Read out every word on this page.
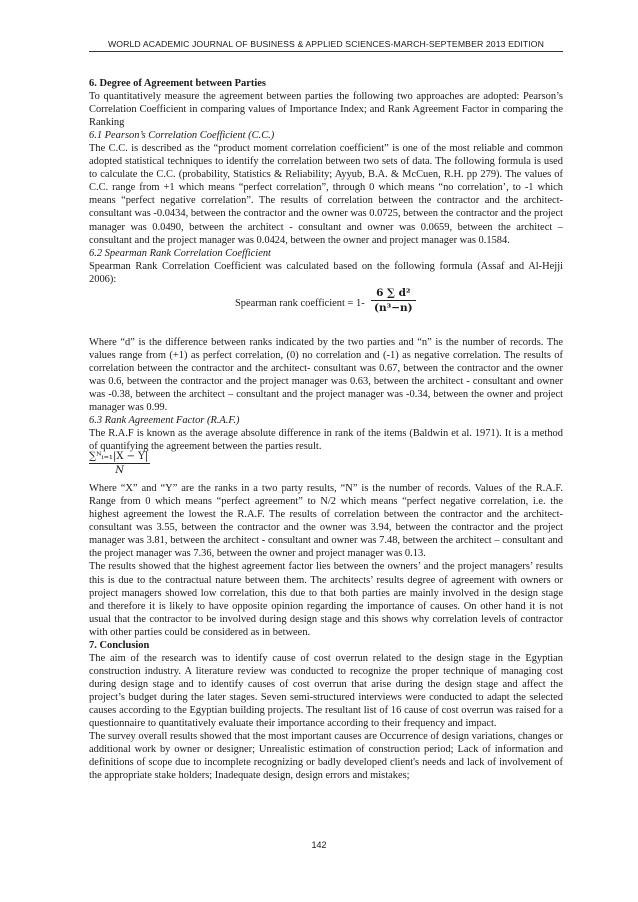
WORLD ACADEMIC JOURNAL OF BUSINESS & APPLIED SCIENCES-MARCH-SEPTEMBER 2013 EDITION

6. Degree of Agreement between Parties

To quantitatively measure the agreement between parties the following two approaches are adopted: Pearson’s Correlation Coefficient in comparing values of Importance Index; and Rank Agreement Factor in comparing the Ranking

6.1 Pearson’s Correlation Coefficient (C.C.)

The C.C. is described as the “product moment correlation coefficient” is one of the most reliable and common adopted statistical techniques to identify the correlation between two sets of data. The following formula is used to calculate the C.C. (probability, Statistics & Reliability; Ayyub, B.A. & McCuen, R.H. pp 279). The values of C.C. range from +1 which means “perfect correlation”, through 0 which means “no correlation’, to -1 which means “perfect negative correlation”. The results of correlation between the contractor and the architect- consultant was -0.0434, between the contractor and the owner was 0.0725, between the contractor and the project manager was 0.0490, between the architect - consultant and owner was 0.0659, between the architect – consultant and the project manager was 0.0424, between the owner and project manager was 0.1584.

6.2 Spearman Rank Correlation Coefficient

Spearman Rank Correlation Coefficient was calculated based on the following formula (Assaf and Al-Hejji 2006):

Spearman rank coefficient = $1- \frac{\text{6 ∑ d²}}{\text{(n³−n)}}$

Where “d” is the difference between ranks indicated by the two parties and “n” is the number of records. The values range from (+1) as perfect correlation, (0) no correlation and (-1) as negative correlation. The results of correlation between the contractor and the architect- consultant was 0.67, between the contractor and the owner was 0.6, between the contractor and the project manager was 0.63, between the architect - consultant and owner was -0.38, between the architect – consultant and the project manager was -0.34, between the owner and project manager was 0.99.

6.3 Rank Agreement Factor (R.A.F.)

The R.A.F is known as the average absolute difference in rank of the items (Baldwin et al. 1971). It is a method of quantifying the agreement between the parties result.

$\frac{\text{∑ᴺᵢ₌₁|X − Y|}}{N}$

Where “X” and “Y” are the ranks in a two party results, “N” is the number of records. Values of the R.A.F. Range from 0 which means “perfect agreement” to N/2 which means “perfect negative correlation, i.e. the highest agreement the lowest the R.A.F. The results of correlation between the contractor and the architect- consultant was 3.55, between the contractor and the owner was 3.94, between the contractor and the project manager was 3.81, between the architect - consultant and owner was 7.48, between the architect – consultant and the project manager was 7.36, between the owner and project manager was 0.13.

The results showed that the highest agreement factor lies between the owners’ and the project managers’ results this is due to the contractual nature between them. The architects’ results degree of agreement with owners or project managers showed low correlation, this due to that both parties are mainly involved in the design stage and therefore it is likely to have opposite opinion regarding the importance of causes. On other hand it is not usual that the contractor to be involved during design stage and this shows why correlation levels of contractor with other parties could be considered as in between.

7. Conclusion

The aim of the research was to identify cause of cost overrun related to the design stage in the Egyptian construction industry. A literature review was conducted to recognize the proper technique of managing cost during design stage and to identify causes of cost overrun that arise during the design stage and affect the project’s budget during the later stages. Seven semi-structured interviews were conducted to adapt the selected causes according to the Egyptian building projects. The resultant list of 16 cause of cost overrun was raised for a questionnaire to quantitatively evaluate their importance according to their frequency and impact.

The survey overall results showed that the most important causes are Occurrence of design variations, changes or additional work by owner or designer; Unrealistic estimation of construction period; Lack of information and definitions of scope due to incomplete recognizing or badly developed client's needs and lack of involvement of the appropriate stake holders; Inadequate design, design errors and mistakes;

142
